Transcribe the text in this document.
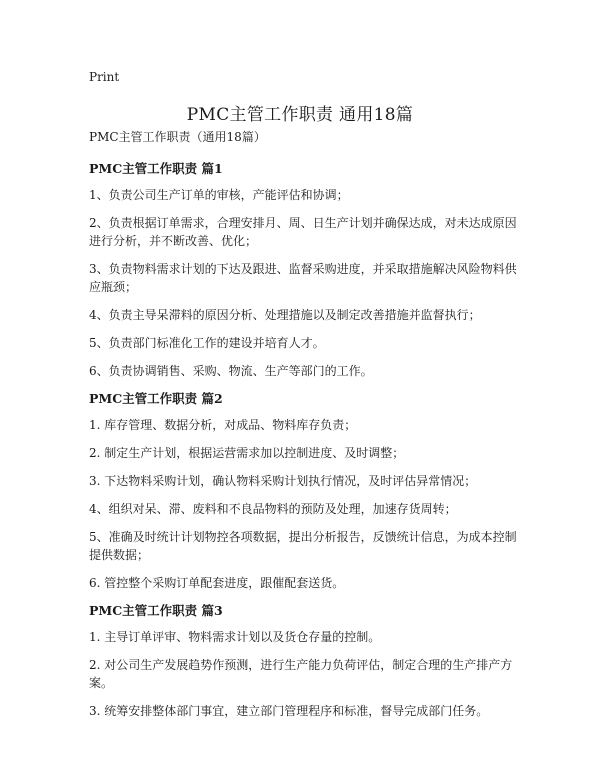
Print
PMC主管工作职责 通用18篇

PMC主管工作职责（通用18篇）

PMC主管工作职责 篇1

1、负责公司生产订单的审核，产能评估和协调；

2、负责根据订单需求，合理安排月、周、日生产计划并确保达成，对未达成原因进行分析，并不断改善、优化；

3、负责物料需求计划的下达及跟进、监督采购进度，并采取措施解决风险物料供应瓶颈；

4、负责主导呆滞料的原因分析、处理措施以及制定改善措施并监督执行；

5、负责部门标准化工作的建设并培育人才。

6、负责协调销售、采购、物流、生产等部门的工作。

PMC主管工作职责 篇2

1. 库存管理、数据分析，对成品、物料库存负责；

2. 制定生产计划，根据运营需求加以控制进度、及时调整；

3. 下达物料采购计划，确认物料采购计划执行情况，及时评估异常情况；

4、组织对呆、滞、废料和不良品物料的预防及处理，加速存货周转；

5、准确及时统计计划物控各项数据，提出分析报告，反馈统计信息，为成本控制提供数据；

6. 管控整个采购订单配套进度，跟催配套送货。

PMC主管工作职责 篇3

1. 主导订单评审、物料需求计划以及货仓存量的控制。

2. 对公司生产发展趋势作预测，进行生产能力负荷评估，制定合理的生产排产方案。

3. 统筹安排整体部门事宜，建立部门管理程序和标准，督导完成部门任务。
